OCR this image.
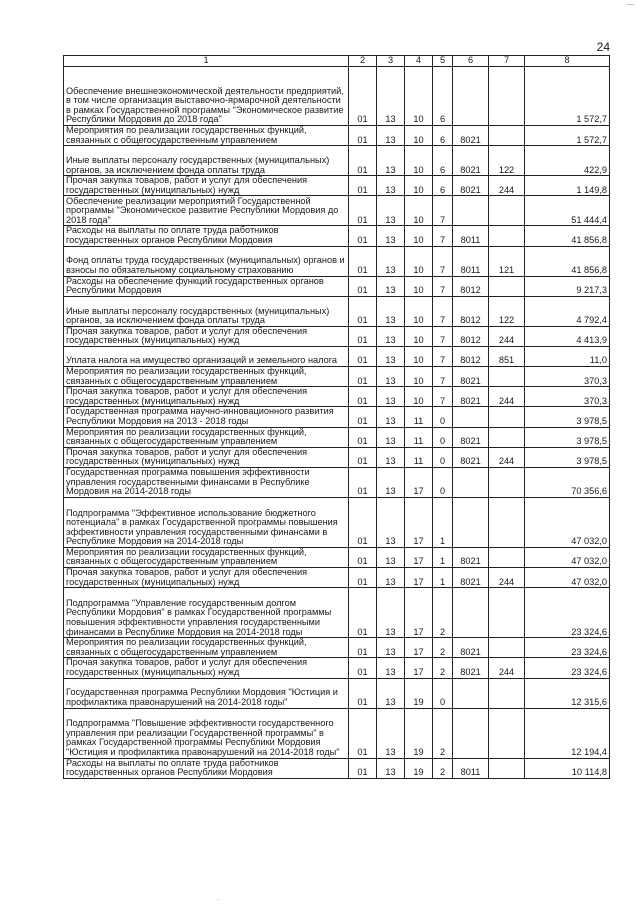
—
24
1	2	3	4	5	6	7	8
Обеспечение внешнеэкономической деятельности предприятий, в том числе организация выставочно-ярмарочной деятельности в рамках Государственной программы "Экономическое развитие Республики Мордовия до 2018 года"	01	13	10	6			1 572,7
Мероприятия по реализации государственных функций, связанных с общегосударственным управлением	01	13	10	6	8021		1 572,7
Иные выплаты персоналу государственных (муниципальных) органов, за исключением фонда оплаты труда	01	13	10	6	8021	122	422,9
Прочая закупка товаров, работ и услуг для обеспечения государственных (муниципальных) нужд	01	13	10	6	8021	244	1 149,8
Обеспечение реализации мероприятий Государственной программы "Экономическое развитие Республики Мордовия до 2018 года"	01	13	10	7			51 444,4
Расходы на выплаты по оплате труда работников государственных органов Республики Мордовия	01	13	10	7	8011		41 856,8
Фонд оплаты труда государственных (муниципальных) органов и взносы по обязательному социальному страхованию	01	13	10	7	8011	121	41 856,8
Расходы на обеспечение функций государственных органов Республики Мордовия	01	13	10	7	8012		9 217,3
Иные выплаты персоналу государственных (муниципальных) органов, за исключением фонда оплаты труда	01	13	10	7	8012	122	4 792,4
Прочая закупка товаров, работ и услуг для обеспечения государственных (муниципальных) нужд	01	13	10	7	8012	244	4 413,9
Уплата налога на имущество организаций и земельного налога	01	13	10	7	8012	851	11,0
Мероприятия по реализации государственных функций, связанных с общегосударственным управлением	01	13	10	7	8021		370,3
Прочая закупка товаров, работ и услуг для обеспечения государственных (муниципальных) нужд	01	13	10	7	8021	244	370,3
Государственная программа научно-инновационного развития Республики Мордовия на 2013 - 2018 годы	01	13	11	0			3 978,5
Мероприятия по реализации государственных функций, связанных с общегосударственным управлением	01	13	11	0	8021		3 978,5
Прочая закупка товаров, работ и услуг для обеспечения государственных (муниципальных) нужд	01	13	11	0	8021	244	3 978,5
Государственная программа повышения эффективности управления государственными финансами в Республике Мордовия на 2014-2018 годы	01	13	17	0			70 356,6
Подпрограмма "Эффективное использование бюджетного потенциала" в рамках Государственной программы повышения эффективности управления государственными финансами в Республике Мордовия на 2014-2018 годы	01	13	17	1			47 032,0
Мероприятия по реализации государственных функций, связанных с общегосударственным управлением	01	13	17	1	8021		47 032,0
Прочая закупка товаров, работ и услуг для обеспечения государственных (муниципальных) нужд	01	13	17	1	8021	244	47 032,0
Подпрограмма "Управление государственным долгом Республики Мордовия" в рамках Государственной программы повышения эффективности управления государственными финансами в Республике Мордовия на 2014-2018 годы	01	13	17	2			23 324,6
Мероприятия по реализации государственных функций, связанных с общегосударственным управлением	01	13	17	2	8021		23 324,6
Прочая закупка товаров, работ и услуг для обеспечения государственных (муниципальных) нужд	01	13	17	2	8021	244	23 324,6
Государственная программа Республики Мордовия "Юстиция и профилактика правонарушений на 2014-2018 годы"	01	13	19	0			12 315,6
Подпрограмма "Повышение эффективности государственного управления при реализации Государственной программы" в рамках Государственной программы Республики Мордовия "Юстиция и профилактика правонарушений на 2014-2018 годы"	01	13	19	2			12 194,4
Расходы на выплаты по оплате труда работников государственных органов Республики Мордовия	01	13	19	2	8011		10 114,8
.
